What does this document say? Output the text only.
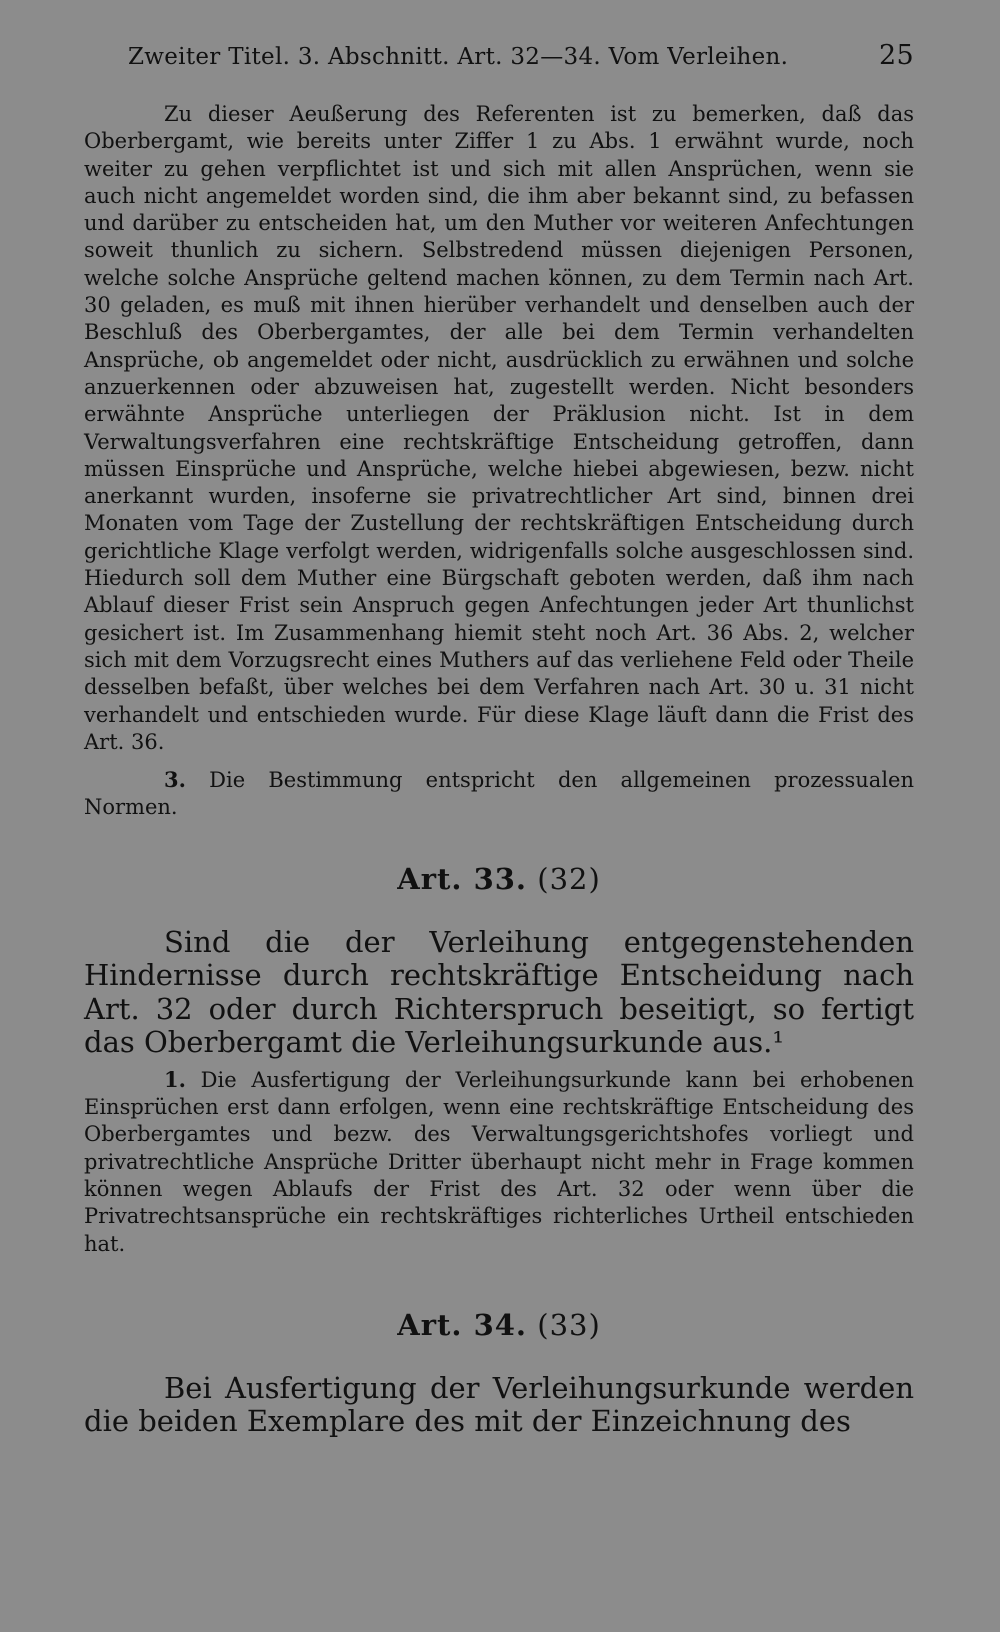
Zweiter Titel. 3. Abschnitt. Art. 32—34. Vom Verleihen.	25

Zu dieser Aeußerung des Referenten ist zu bemerken, daß das Oberbergamt, wie bereits unter Ziffer 1 zu Abs. 1 erwähnt wurde, noch weiter zu gehen verpflichtet ist und sich mit allen Ansprüchen, wenn sie auch nicht angemeldet worden sind, die ihm aber bekannt sind, zu befassen und darüber zu entscheiden hat, um den Muther vor weiteren Anfechtungen soweit thunlich zu sichern. Selbstredend müssen diejenigen Personen, welche solche Ansprüche geltend machen können, zu dem Termin nach Art. 30 geladen, es muß mit ihnen hierüber verhandelt und denselben auch der Beschluß des Oberbergamtes, der alle bei dem Termin verhandelten Ansprüche, ob angemeldet oder nicht, ausdrücklich zu erwähnen und solche anzuerkennen oder abzuweisen hat, zugestellt werden. Nicht besonders erwähnte Ansprüche unterliegen der Präklusion nicht. Ist in dem Verwaltungsverfahren eine rechtskräftige Entscheidung getroffen, dann müssen Einsprüche und Ansprüche, welche hiebei abgewiesen, bezw. nicht anerkannt wurden, insoferne sie privatrechtlicher Art sind, binnen drei Monaten vom Tage der Zustellung der rechtskräftigen Entscheidung durch gerichtliche Klage verfolgt werden, widrigenfalls solche ausgeschlossen sind. Hiedurch soll dem Muther eine Bürgschaft geboten werden, daß ihm nach Ablauf dieser Frist sein Anspruch gegen Anfechtungen jeder Art thunlichst gesichert ist. Im Zusammenhang hiemit steht noch Art. 36 Abs. 2, welcher sich mit dem Vorzugsrecht eines Muthers auf das verliehene Feld oder Theile desselben befaßt, über welches bei dem Verfahren nach Art. 30 u. 31 nicht verhandelt und entschieden wurde. Für diese Klage läuft dann die Frist des Art. 36.

3. Die Bestimmung entspricht den allgemeinen prozessualen Normen.

Art. 33. (32)

Sind die der Verleihung entgegenstehenden Hindernisse durch rechtskräftige Entscheidung nach Art. 32 oder durch Richterspruch beseitigt, so fertigt das Oberbergamt die Verleihungsurkunde aus.¹

1. Die Ausfertigung der Verleihungsurkunde kann bei erhobenen Einsprüchen erst dann erfolgen, wenn eine rechtskräftige Entscheidung des Oberbergamtes und bezw. des Verwaltungsgerichtshofes vorliegt und privatrechtliche Ansprüche Dritter überhaupt nicht mehr in Frage kommen können wegen Ablaufs der Frist des Art. 32 oder wenn über die Privatrechtsansprüche ein rechtskräftiges richterliches Urtheil entschieden hat.

Art. 34. (33)

Bei Ausfertigung der Verleihungsurkunde werden die beiden Exemplare des mit der Einzeichnung des
